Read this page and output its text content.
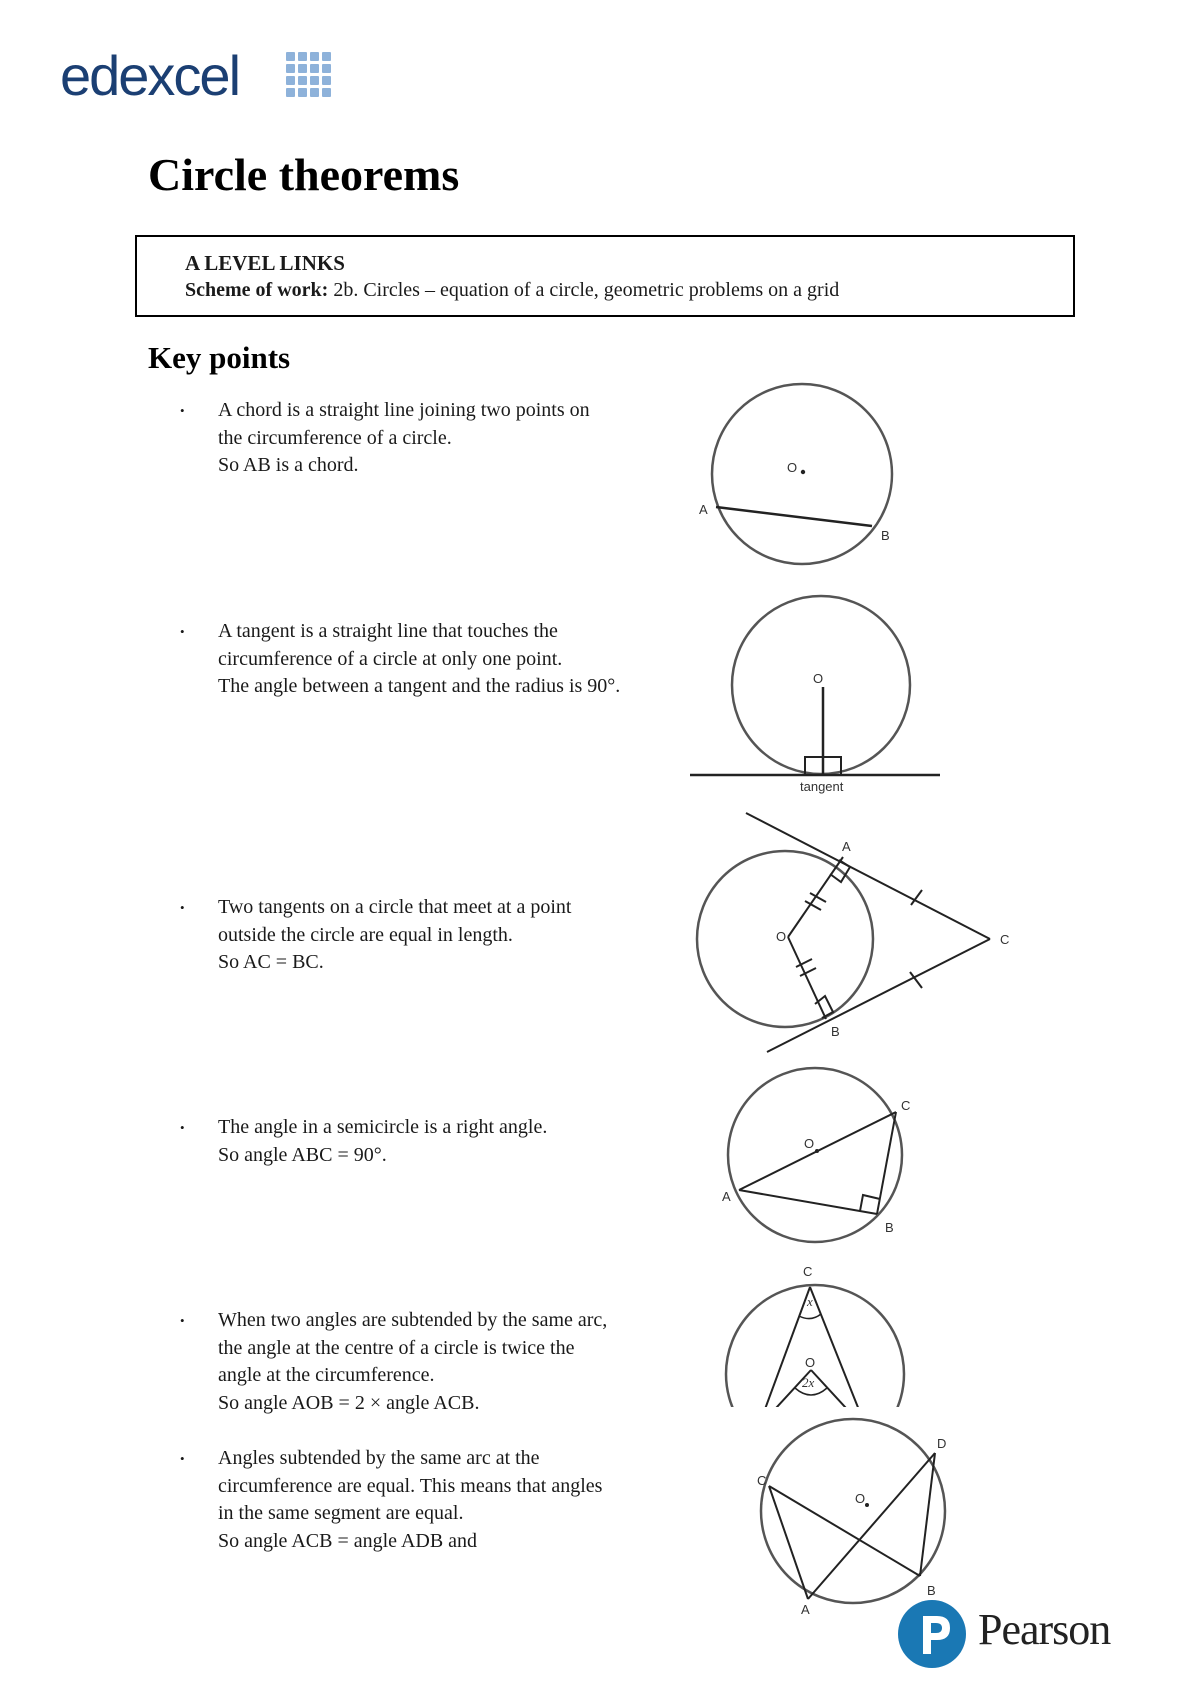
edexcel
Circle theorems
A LEVEL LINKS
Scheme of work: 2b. Circles – equation of a circle, geometric problems on a grid
Key points
• A chord is a straight line joining two points on
the circumference of a circle.
So AB is a chord.
• A tangent is a straight line that touches the
circumference of a circle at only one point.
The angle between a tangent and the radius is 90°.
• Two tangents on a circle that meet at a point
outside the circle are equal in length.
So AC = BC.
• The angle in a semicircle is a right angle.
So angle ABC = 90°.
• When two angles are subtended by the same arc,
the angle at the centre of a circle is twice the
angle at the circumference.
So angle AOB = 2 × angle ACB.
• Angles subtended by the same arc at the
circumference are equal. This means that angles
in the same segment are equal.
So angle ACB = angle ADB and
O
A
B
O
tangent
A
O
B
C
O
A
B
C
C
x
O
2x
O
C
D
B
A	Pearson
